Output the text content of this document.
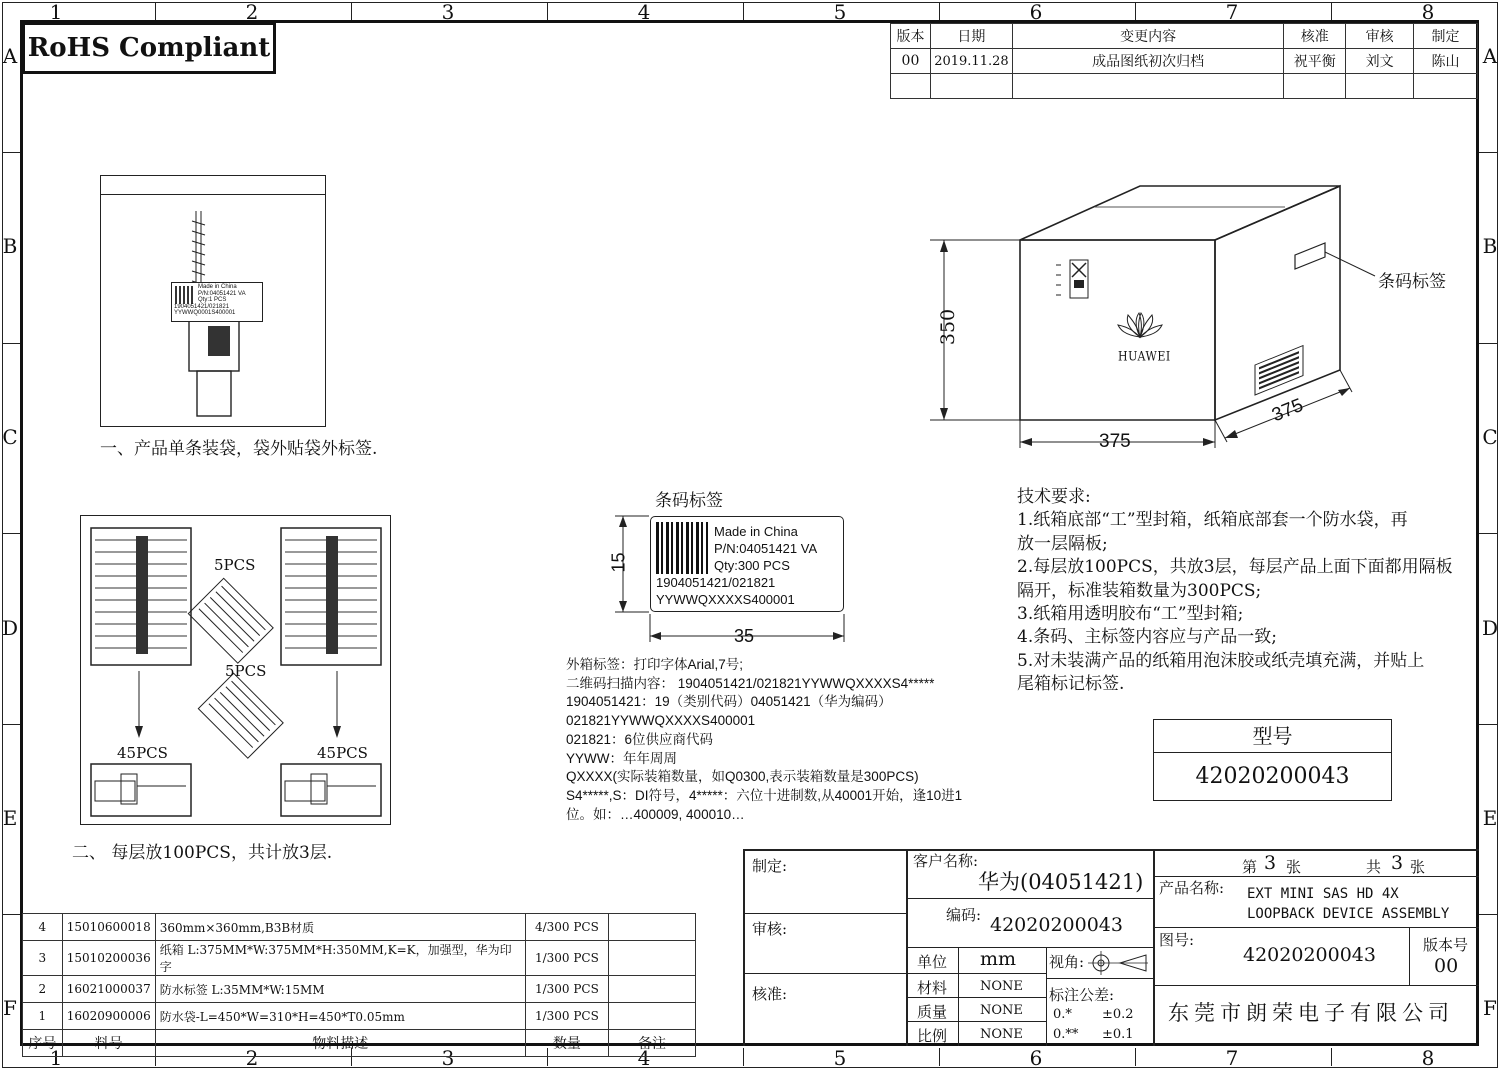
1	2	3	4	5	6	7	8
1	2	3	4	5	6	7	8
A
B
C
D
E
F
A
B
C
D
E
F
RoHS Compliant	版本	日期	变更内容	核准	审核	制定
00	2019.11.28	成品图纸初次归档	祝平衡	刘文	陈山

Made in China
P/N:04051421 VA
Qty:1 PCS
1904051421/021821
YYWWQ0001S400001
一、产品单条装袋，袋外贴袋外标签.
HUAWEI
350
375
375
条码标签
5PCS
5PCS
45PCS	45PCS
二、 每层放100PCS，共计放3层.
条码标签
Made in China
P/N:04051421 VA
Qty:300 PCS
1904051421/021821
YYWWQXXXXS400001
15
35
外箱标签：打印字体Arial,7号;
二维码扫描内容： 1904051421/021821YYWWQXXXXS4*****
1904051421：19（类别代码）04051421（华为编码）
021821YYWWQXXXXS400001
021821：6位供应商代码
YYWW：年年周周
QXXXX(实际装箱数量，如Q0300,表示装箱数量是300PCS)
S4*****,S：DI符号，4*****：六位十进制数,从40001开始，逢10进1
位。如：…400009, 400010…
技术要求:
1.纸箱底部“工”型封箱，纸箱底部套一个防水袋，再
放一层隔板;
2.每层放100PCS，共放3层，每层产品上面下面都用隔板
隔开，标准装箱数量为300PCS;
3.纸箱用透明胶布“工”型封箱;
4.条码、主标签内容应与产品一致;
5.对未装满产品的纸箱用泡沫胶或纸壳填充满，并贴上
尾箱标记标签.
型号
42020200043
4	15010600018	360mm×360mm,B3B材质	4/300 PCS	
3	15010200036	纸箱 L:375MM*W:375MM*H:350MM,K=K，加强型，华为印字	1/300 PCS	
2	16021000037	防水标签 L:35MM*W:15MM	1/300 PCS	
1	16020900006	防水袋-L=450*W=310*H=450*T0.05mm	1/300 PCS	
序号	料号	物料描述	数量	备注
制定:
审核:
核准:
客户名称:
华为(04051421)
编码: 42020200043
单位 mm
材料	NONE
质量	NONE
比例	NONE
视角:
标注公差:
0.* ±0.2
0.** ±0.1
第 3 张	共 3 张
产品名称: EXT MINI SAS HD 4X
LOOPBACK DEVICE ASSEMBLY
图号:
42020200043	版本号
00
东莞市朗荣电子有限公司
